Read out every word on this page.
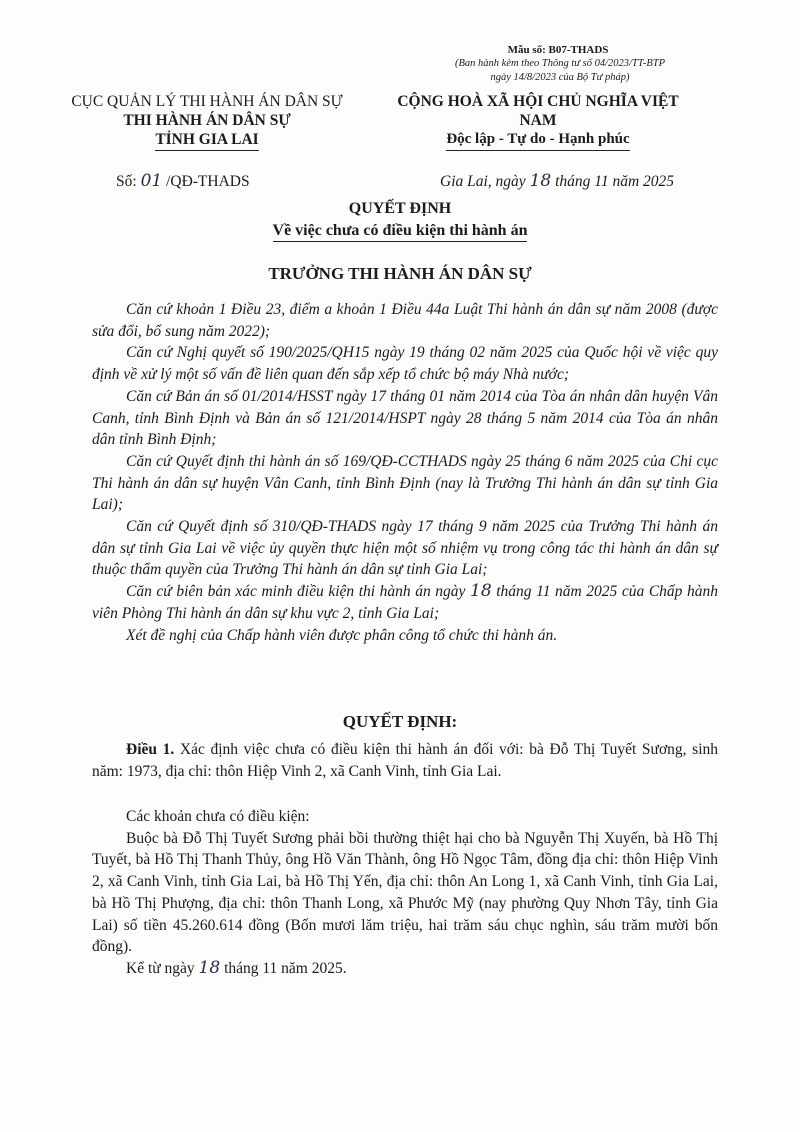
Mẫu số: B07-THADS
(Ban hành kèm theo Thông tư số 04/2023/TT-BTP
ngày 14/8/2023 của Bộ Tư pháp)
CỤC QUẢN LÝ THI HÀNH ÁN DÂN SỰ
THI HÀNH ÁN DÂN SỰ
TỈNH GIA LAI
CỘNG HOÀ XÃ HỘI CHỦ NGHĨA VIỆT NAM
Độc lập - Tự do - Hạnh phúc
Số: 01 /QĐ-THADS	Gia Lai, ngày 18 tháng 11 năm 2025
QUYẾT ĐỊNH
Về việc chưa có điều kiện thi hành án
TRƯỞNG THI HÀNH ÁN DÂN SỰ

Căn cứ khoản 1 Điều 23, điểm a khoản 1 Điều 44a Luật Thi hành án dân sự năm 2008 (được sửa đổi, bổ sung năm 2022);

Căn cứ Nghị quyết số 190/2025/QH15 ngày 19 tháng 02 năm 2025 của Quốc hội về việc quy định về xử lý một số vấn đề liên quan đến sắp xếp tổ chức bộ máy Nhà nước;

Căn cứ Bản án số 01/2014/HSST ngày 17 tháng 01 năm 2014 của Tòa án nhân dân huyện Vân Canh, tỉnh Bình Định và Bản án số 121/2014/HSPT ngày 28 tháng 5 năm 2014 của Tòa án nhân dân tỉnh Bình Định;

Căn cứ Quyết định thi hành án số 169/QĐ-CCTHADS ngày 25 tháng 6 năm 2025 của Chi cục Thi hành án dân sự huyện Vân Canh, tỉnh Bình Định (nay là Trưởng Thi hành án dân sự tỉnh Gia Lai);

Căn cứ Quyết định số 310/QĐ-THADS ngày 17 tháng 9 năm 2025 của Trưởng Thi hành án dân sự tỉnh Gia Lai về việc ủy quyền thực hiện một số nhiệm vụ trong công tác thi hành án dân sự thuộc thẩm quyền của Trưởng Thi hành án dân sự tỉnh Gia Lai;

Căn cứ biên bản xác minh điều kiện thi hành án ngày 18 tháng 11 năm 2025 của Chấp hành viên Phòng Thi hành án dân sự khu vực 2, tỉnh Gia Lai;

Xét đề nghị của Chấp hành viên được phân công tổ chức thi hành án.

QUYẾT ĐỊNH:

Điều 1. Xác định việc chưa có điều kiện thi hành án đối với: bà Đỗ Thị Tuyết Sương, sinh năm: 1973, địa chỉ: thôn Hiệp Vinh 2, xã Canh Vinh, tỉnh Gia Lai.

Các khoản chưa có điều kiện:

Buộc bà Đỗ Thị Tuyết Sương phải bồi thường thiệt hại cho bà Nguyễn Thị Xuyến, bà Hồ Thị Tuyết, bà Hồ Thị Thanh Thủy, ông Hồ Văn Thành, ông Hồ Ngọc Tâm, đồng địa chỉ: thôn Hiệp Vinh 2, xã Canh Vinh, tỉnh Gia Lai, bà Hồ Thị Yến, địa chỉ: thôn An Long 1, xã Canh Vinh, tỉnh Gia Lai, bà Hồ Thị Phượng, địa chỉ: thôn Thanh Long, xã Phước Mỹ (nay phường Quy Nhơn Tây, tỉnh Gia Lai) số tiền 45.260.614 đồng (Bốn mươi lăm triệu, hai trăm sáu chục nghìn, sáu trăm mười bốn đồng).

Kể từ ngày 18 tháng 11 năm 2025.
